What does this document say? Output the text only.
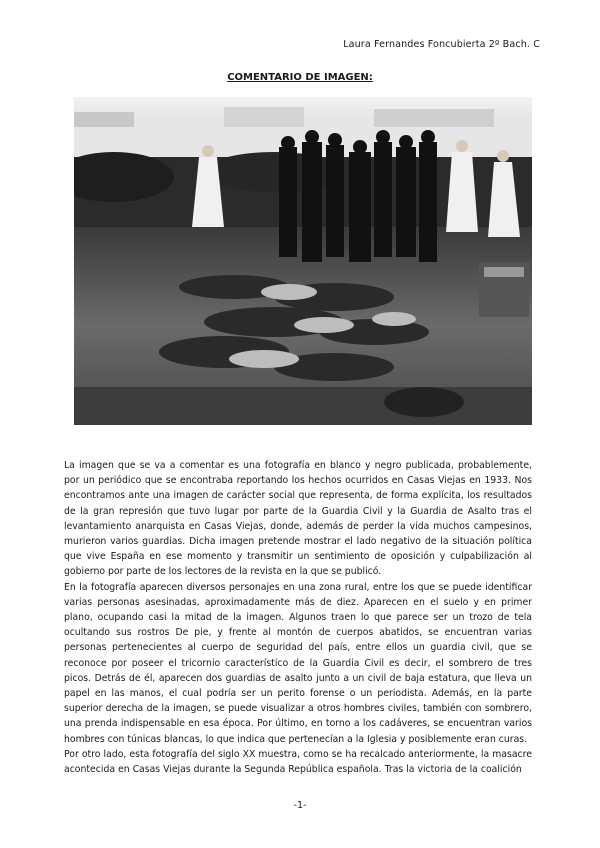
Laura Fernandes Foncubierta 2º Bach. C
COMENTARIO DE IMAGEN:

La imagen que se va a comentar es una fotografía en blanco y negro publicada, probablemente, por un periódico que se encontraba reportando los hechos ocurridos en Casas Viejas en 1933. Nos encontramos ante una imagen de carácter social que representa, de forma explícita, los resultados de la gran represión que tuvo lugar por parte de la Guardia Civil y la Guardia de Asalto tras el levantamiento anarquista en Casas Viejas, donde, además de perder la vida muchos campesinos, murieron varios guardias. Dicha imagen pretende mostrar el lado negativo de la situación política que vive España en ese momento y transmitir un sentimiento de oposición y culpabilización al gobierno por parte de los lectores de la revista en la que se publicó.

En la fotografía aparecen diversos personajes en una zona rural, entre los que se puede identificar varias personas asesinadas, aproximadamente más de diez. Aparecen en el suelo y en primer plano, ocupando casi la mitad de la imagen. Algunos traen lo que parece ser un trozo de tela ocultando sus rostros De pie, y frente al montón de cuerpos abatidos, se encuentran varias personas pertenecientes al cuerpo de seguridad del país, entre ellos un guardia civil, que se reconoce por poseer el tricornio característico de la Guardia Civil es decir, el sombrero de tres picos. Detrás de él, aparecen dos guardias de asalto junto a un civil de baja estatura, que lleva un papel en las manos, el cual podría ser un perito forense o un periodista. Además, en la parte superior derecha de la imagen, se puede visualizar a otros hombres civiles, también con sombrero, una prenda indispensable en esa época. Por último, en torno a los cadáveres, se encuentran varios hombres con túnicas blancas, lo que indica que pertenecían a la Iglesia y posiblemente eran curas.

Por otro lado, esta fotografía del siglo XX muestra, como se ha recalcado anteriormente, la masacre acontecida en Casas Viejas durante la Segunda República española. Tras la victoria de la coalición

-1-
